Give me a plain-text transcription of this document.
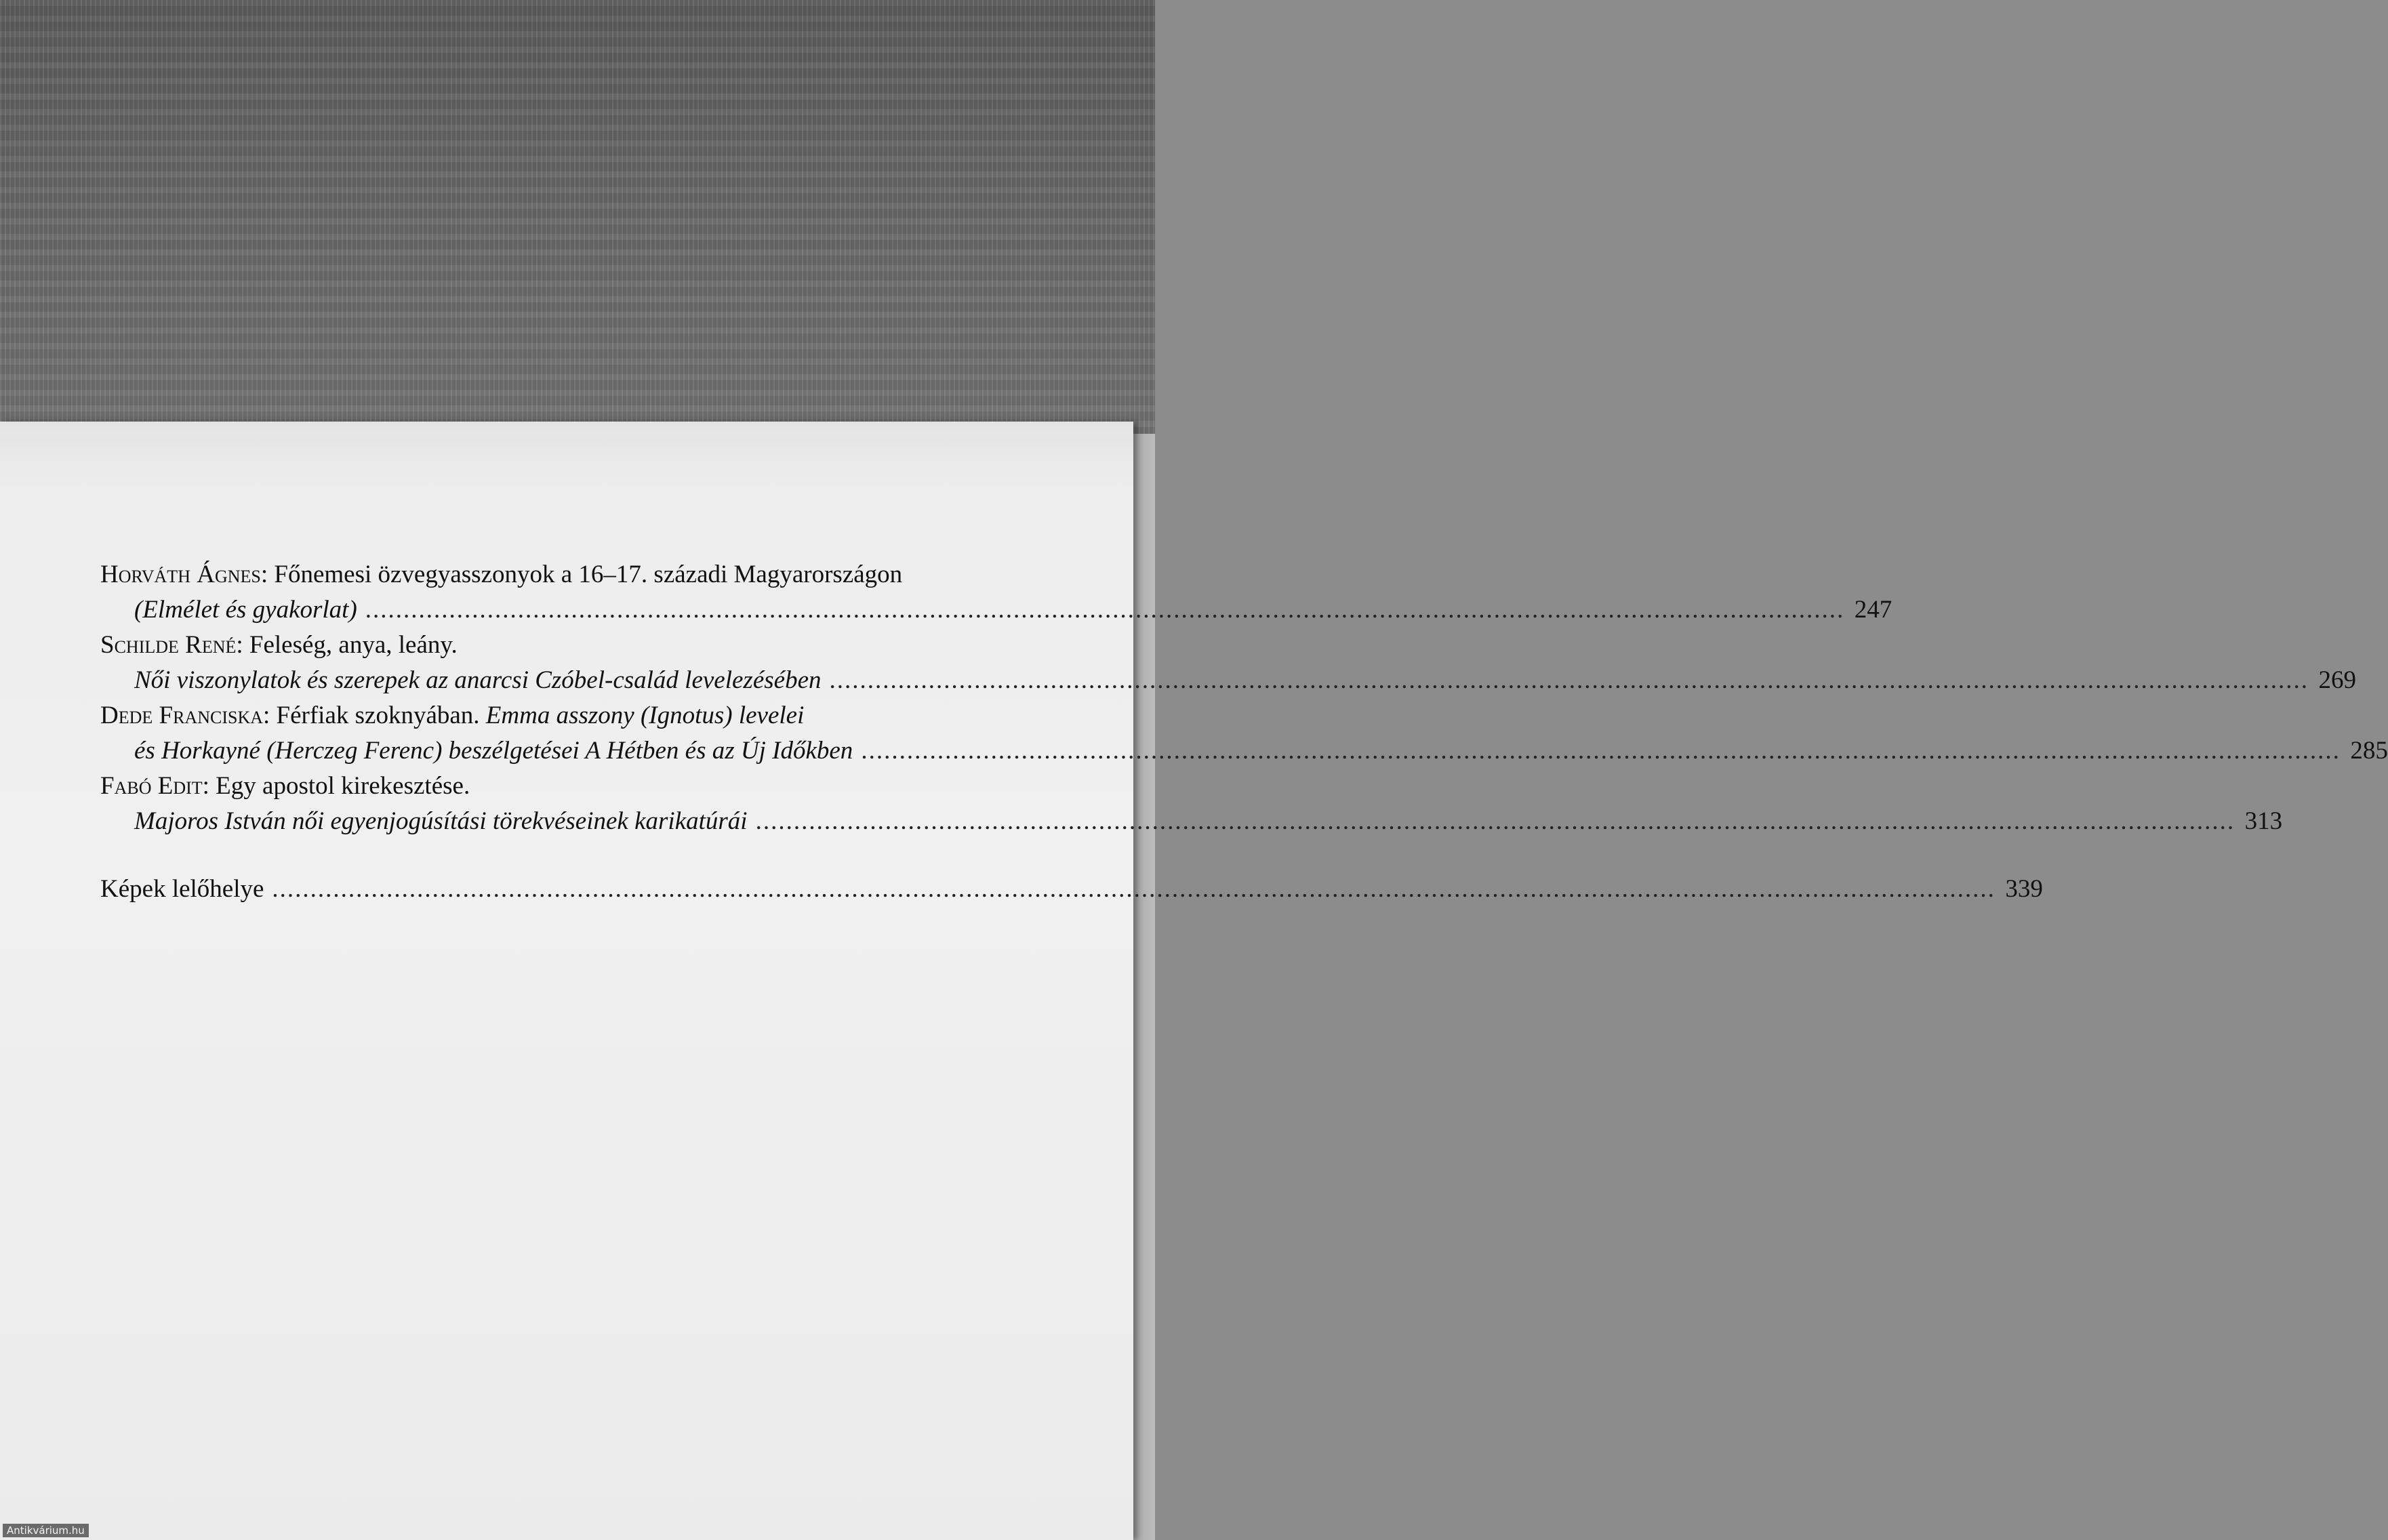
Horváth Ágnes : Főnemesi özvegyasszonyok a 16–17. századi Magyarországon
(Elmélet és gyakorlat) .................................................................................................................................................................................................. 247
Schilde René : Feleség, anya, leány.
Női viszonylatok és szerepek az anarcsi Czóbel-család levelezésében .................................................................................................................................................................................................. 269
Dede Franciska : Férfiak szoknyában.
Emma asszony (Ignotus) levelei
és Horkayné (Herczeg Ferenc) beszélgetései A Hétben és az Új Időkben .................................................................................................................................................................................................. 285
Fabó Edit : Egy apostol kirekesztése.
Majoros István női egyenjogúsítási törekvéseinek karikatúrái .................................................................................................................................................................................................. 313
Képek lelőhelye .................................................................................................................................................................................................................................. 339
Antikvárium.hu
